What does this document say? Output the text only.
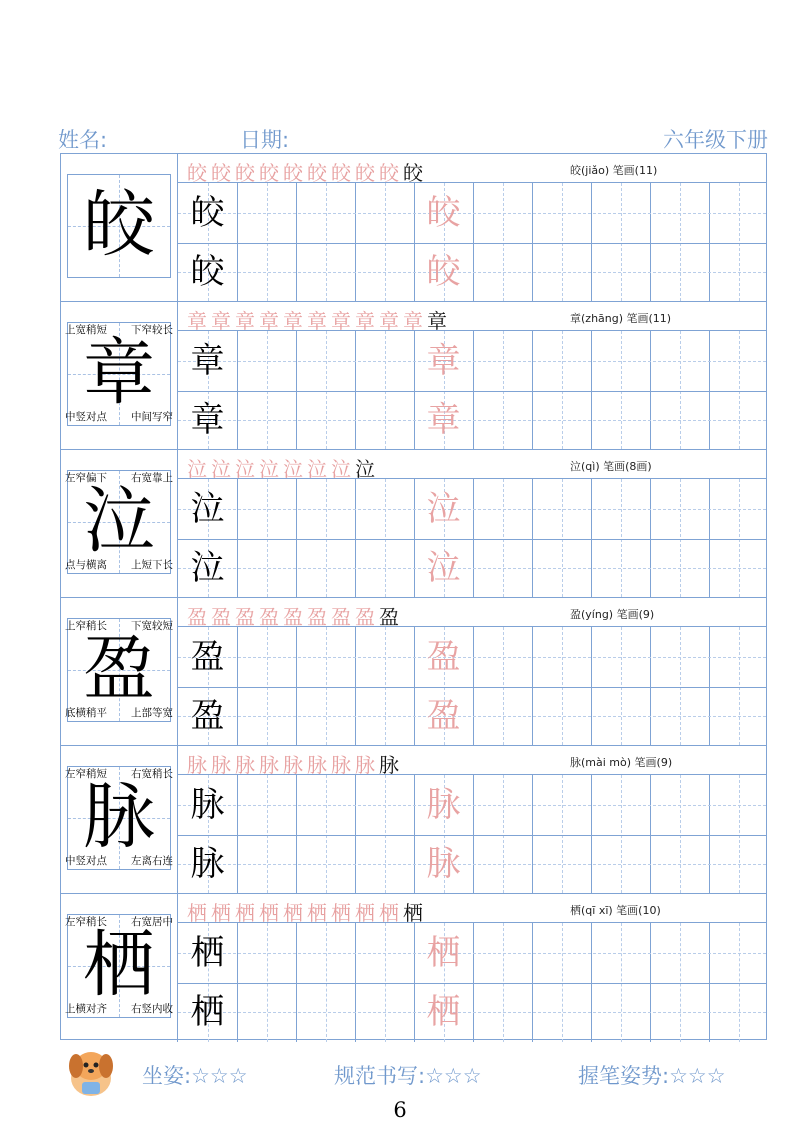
姓名:	日期:	六年级下册
皎
皎皎皎皎皎皎皎皎皎皎	皎(jiǎo) 笔画(11)
皎	皎
皎	皎
章
上宽稍短 下窄较长
中竖对点 中间写窄
章章章章章章章章章章章	章(zhāng) 笔画(11)
章	章
章	章
泣
左窄偏下 右宽靠上
点与横离 上短下长
泣泣泣泣泣泣泣泣	泣(qì) 笔画(8画)
泣	泣
泣	泣
盈
上窄稍长 下宽较短
底横稍平 上部等宽
盈盈盈盈盈盈盈盈盈	盈(yíng) 笔画(9)
盈	盈
盈	盈
脉
左窄稍短 右宽稍长
中竖对点 左离右连
脉脉脉脉脉脉脉脉脉	脉(mài mò) 笔画(9)
脉	脉
脉	脉
栖
左窄稍长 右宽居中
上横对齐 右竖内收
栖栖栖栖栖栖栖栖栖栖	栖(qī xī) 笔画(10)
栖	栖
栖	栖
坐姿:☆☆☆	规范书写:☆☆☆	握笔姿势:☆☆☆
6
